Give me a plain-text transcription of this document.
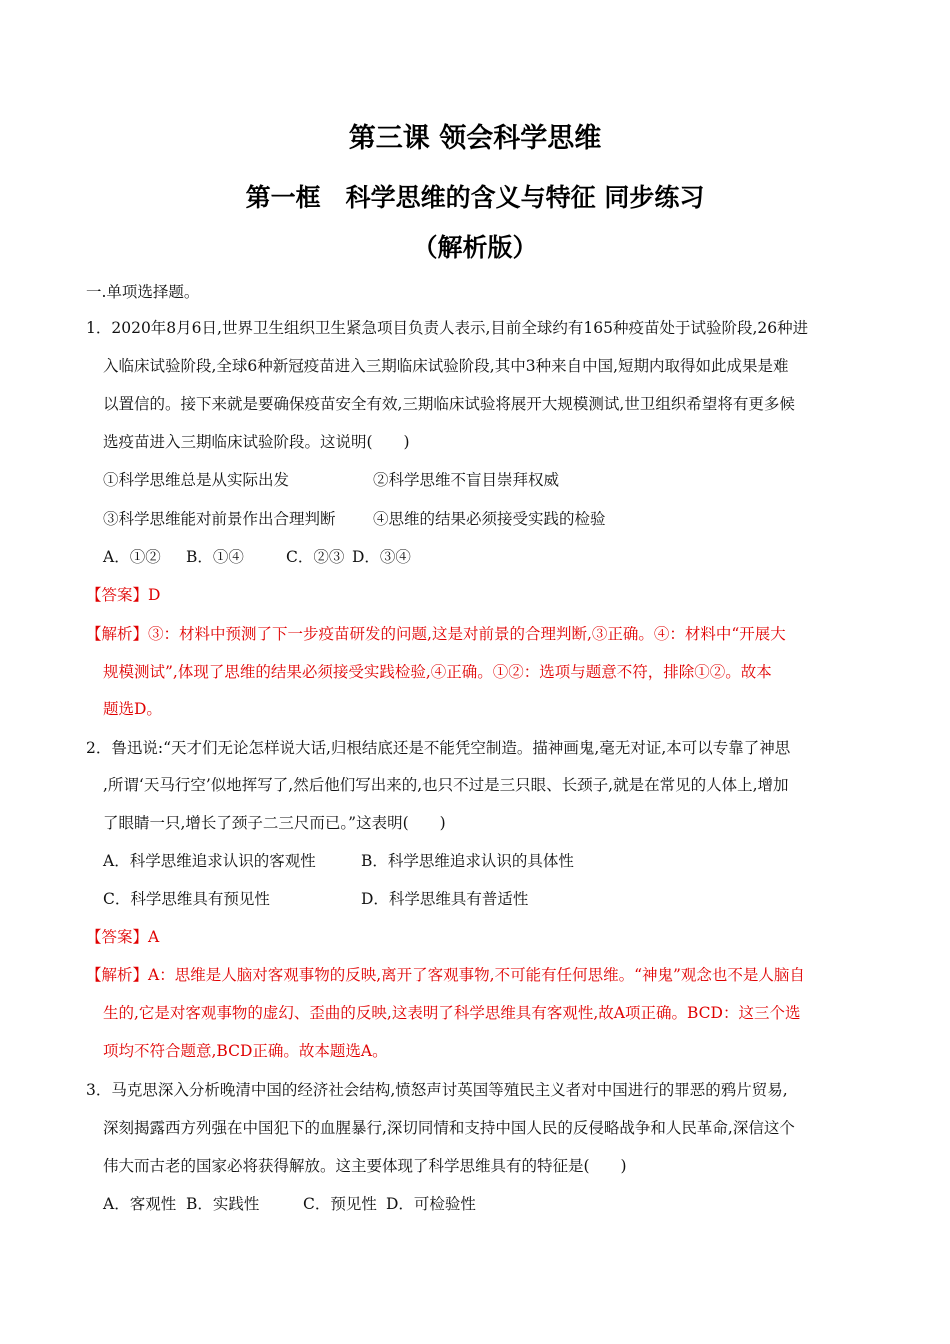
第三课 领会科学思维
第一框　科学思维的含义与特征 同步练习
（解析版）
一.单项选择题。
1．2020年8月6日,世界卫生组织卫生紧急项目负责人表示,目前全球约有165种疫苗处于试验阶段,26种进
入临床试验阶段,全球6种新冠疫苗进入三期临床试验阶段,其中3种来自中国,短期内取得如此成果是难
以置信的。接下来就是要确保疫苗安全有效,三期临床试验将展开大规模测试,世卫组织希望将有更多候
选疫苗进入三期临床试验阶段。这说明(　　)
①科学思维总是从实际出发	②科学思维不盲目崇拜权威
③科学思维能对前景作出合理判断 ④思维的结果必须接受实践的检验
A．①② B．①④	C．②③ D．③④
【答案】D
【解析】③：材料中预测了下一步疫苗研发的问题,这是对前景的合理判断,③正确。④：材料中“开展大
规模测试”,体现了思维的结果必须接受实践检验,④正确。①②：选项与题意不符，排除①②。故本
题选D。
2．鲁迅说:“天才们无论怎样说大话,归根结底还是不能凭空制造。描神画鬼,毫无对证,本可以专靠了神思
,所谓‘天马行空’似地挥写了,然后他们写出来的,也只不过是三只眼、长颈子,就是在常见的人体上,增加
了眼睛一只,增长了颈子二三尺而已。”这表明(　　)
A．科学思维追求认识的客观性	B．科学思维追求认识的具体性
C．科学思维具有预见性	D．科学思维具有普适性
【答案】A
【解析】A：思维是人脑对客观事物的反映,离开了客观事物,不可能有任何思维。“神鬼”观念也不是人脑自
生的,它是对客观事物的虚幻、歪曲的反映,这表明了科学思维具有客观性,故A项正确。BCD：这三个选
项均不符合题意,BCD正确。故本题选A。
3．马克思深入分析晚清中国的经济社会结构,愤怒声讨英国等殖民主义者对中国进行的罪恶的鸦片贸易,
深刻揭露西方列强在中国犯下的血腥暴行,深切同情和支持中国人民的反侵略战争和人民革命,深信这个
伟大而古老的国家必将获得解放。这主要体现了科学思维具有的特征是(　　)
A．客观性 B．实践性	C．预见性 D．可检验性
